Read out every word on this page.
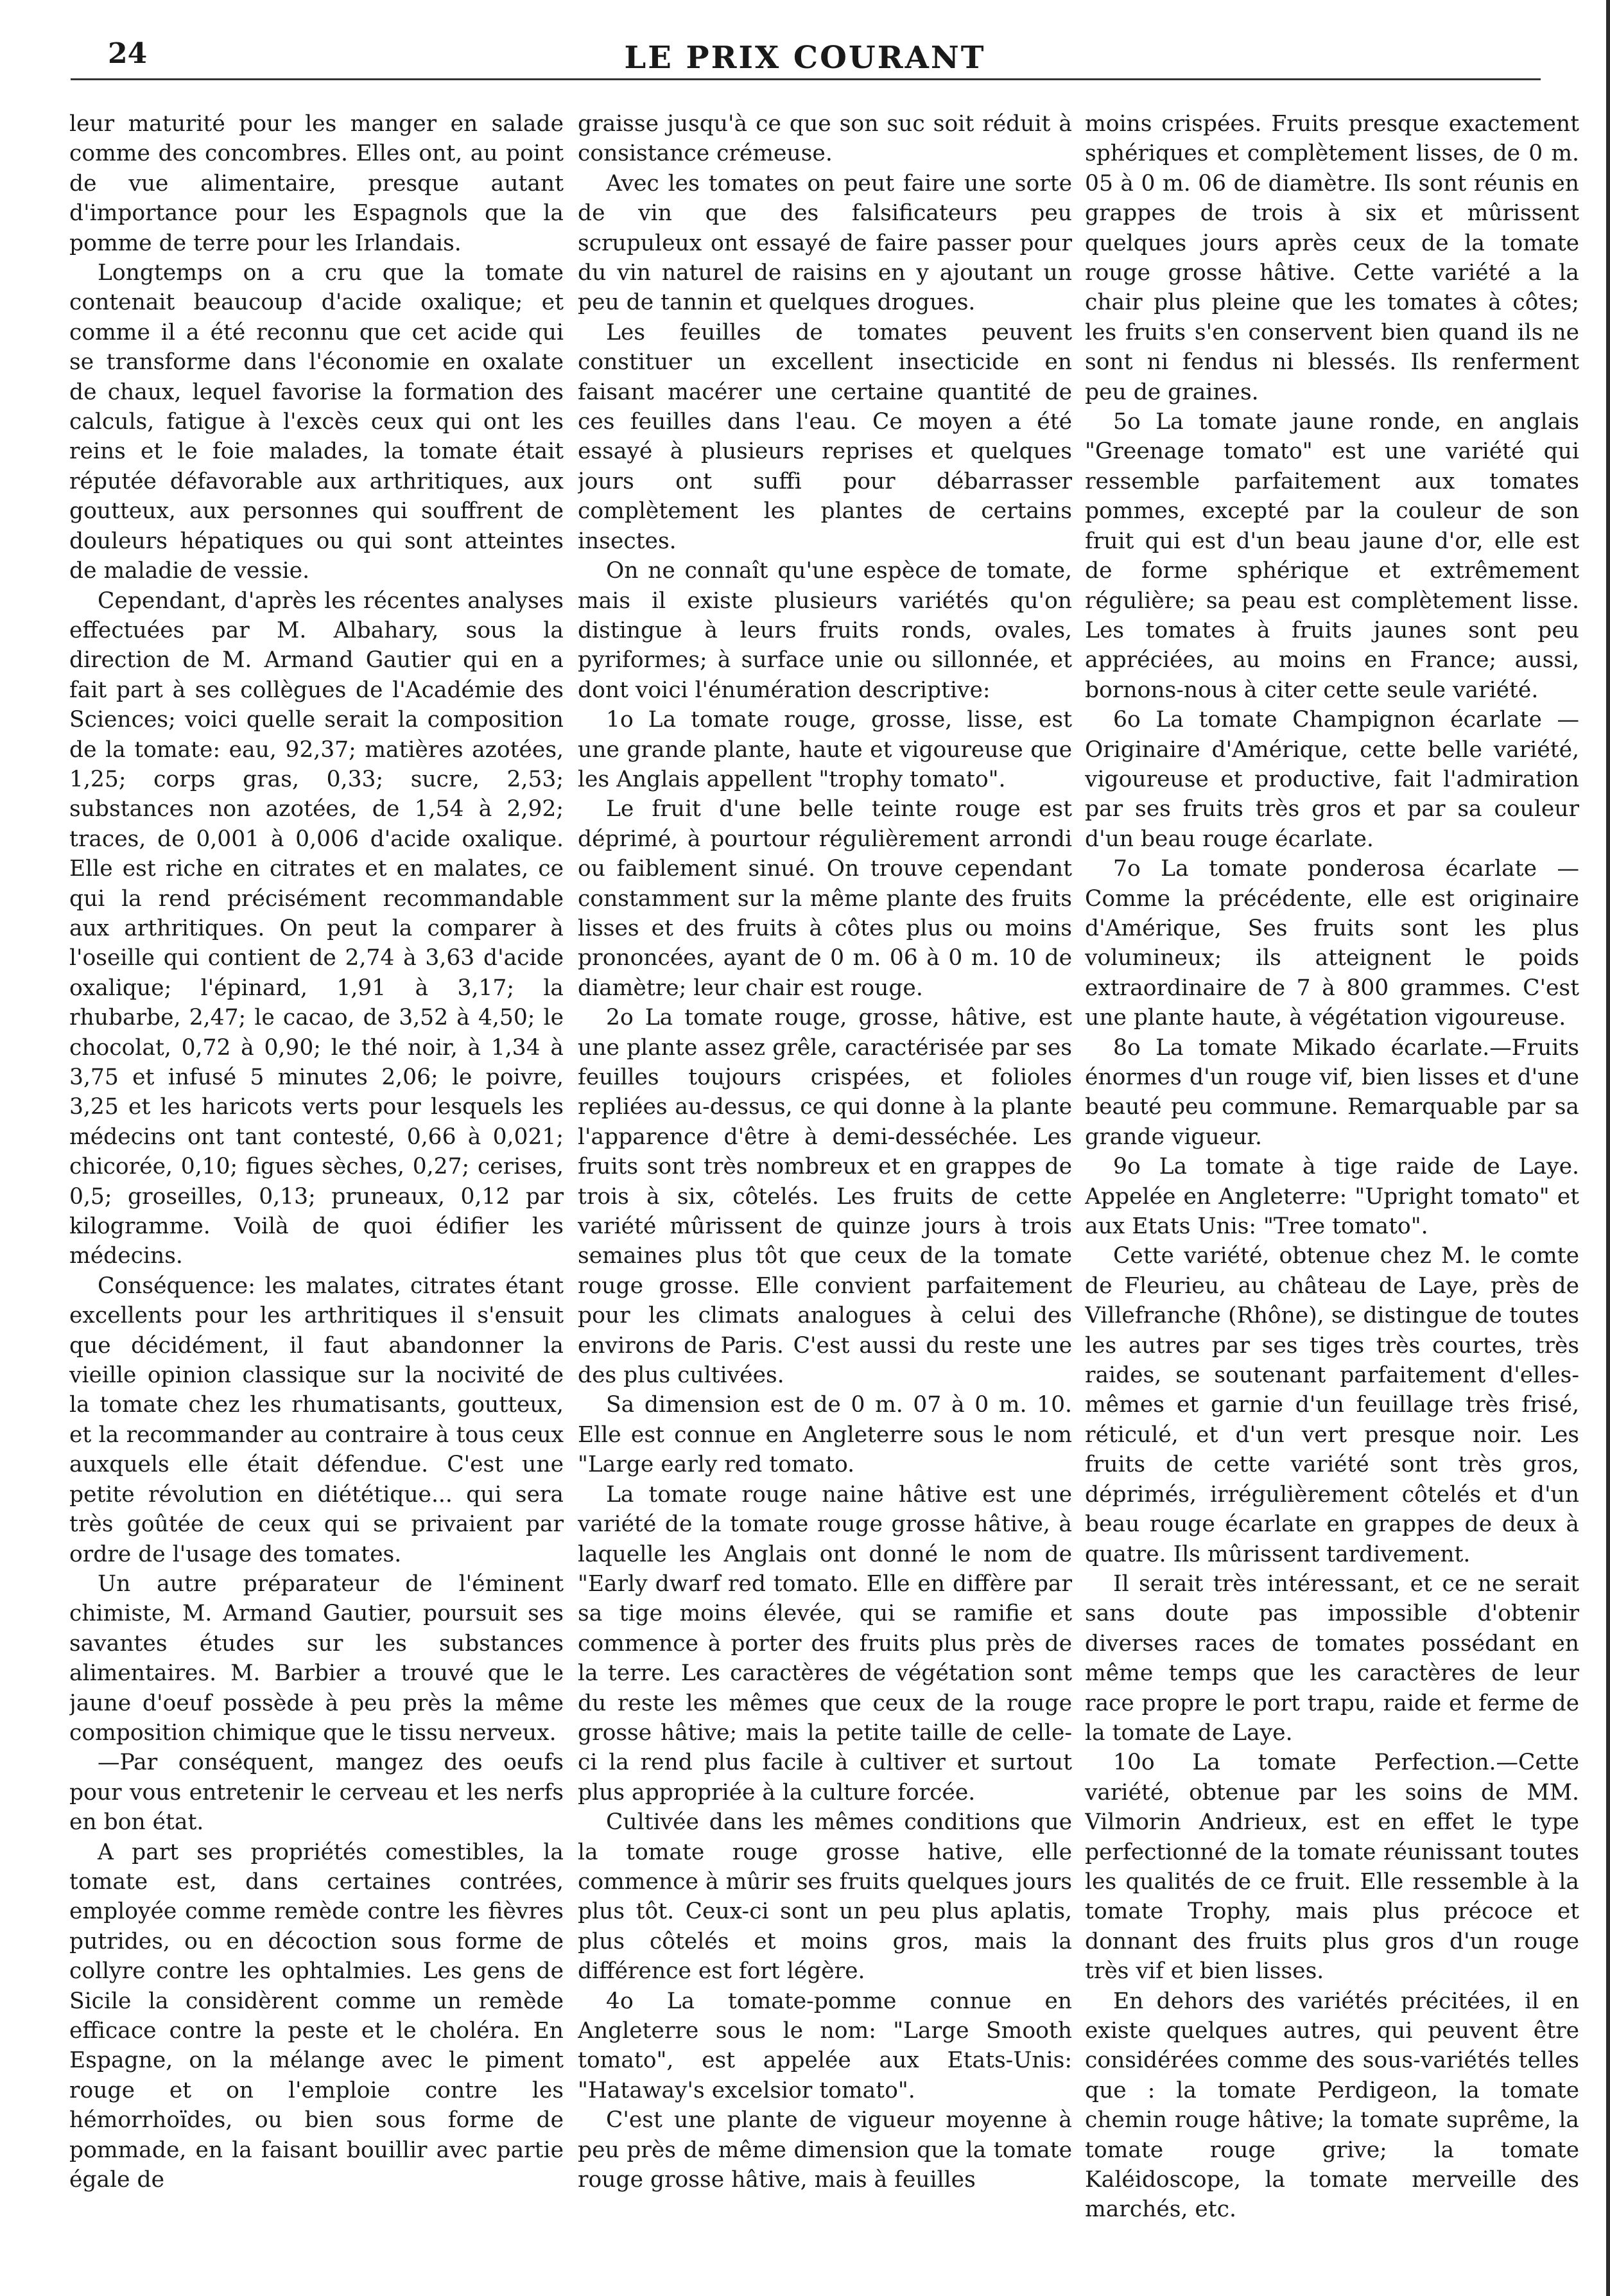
24	LE PRIX COURANT

leur maturité pour les manger en salade comme des concombres. Elles ont, au point de vue alimentaire, presque autant d'importance pour les Espagnols que la pomme de terre pour les Irlandais.

Longtemps on a cru que la tomate contenait beaucoup d'acide oxalique; et comme il a été reconnu que cet acide qui se transforme dans l'économie en oxalate de chaux, lequel favorise la formation des calculs, fatigue à l'excès ceux qui ont les reins et le foie malades, la tomate était réputée défavorable aux arthritiques, aux goutteux, aux personnes qui souffrent de douleurs hépatiques ou qui sont atteintes de maladie de vessie.

Cependant, d'après les récentes analyses effectuées par M. Albahary, sous la direction de M. Armand Gautier qui en a fait part à ses collègues de l'Académie des Sciences; voici quelle serait la composition de la tomate: eau, 92,37; matières azotées, 1,25; corps gras, 0,33; sucre, 2,53; substances non azotées, de 1,54 à 2,92; traces, de 0,001 à 0,006 d'acide oxalique. Elle est riche en citrates et en malates, ce qui la rend précisément recommandable aux arthritiques. On peut la comparer à l'oseille qui contient de 2,74 à 3,63 d'acide oxalique; l'épinard, 1,91 à 3,17; la rhubarbe, 2,47; le cacao, de 3,52 à 4,50; le chocolat, 0,72 à 0,90; le thé noir, à 1,34 à 3,75 et infusé 5 minutes 2,06; le poivre, 3,25 et les haricots verts pour lesquels les médecins ont tant contesté, 0,66 à 0,021; chicorée, 0,10; figues sèches, 0,27; cerises, 0,5; groseilles, 0,13; pruneaux, 0,12 par kilogramme. Voilà de quoi édifier les médecins.

Conséquence: les malates, citrates étant excellents pour les arthritiques il s'ensuit que décidément, il faut abandonner la vieille opinion classique sur la nocivité de la tomate chez les rhumatisants, goutteux, et la recommander au contraire à tous ceux auxquels elle était défendue. C'est une petite révolution en diététique... qui sera très goûtée de ceux qui se privaient par ordre de l'usage des tomates.

Un autre préparateur de l'éminent chimiste, M. Armand Gautier, poursuit ses savantes études sur les substances alimentaires. M. Barbier a trouvé que le jaune d'oeuf possède à peu près la même composition chimique que le tissu nerveux.

—Par conséquent, mangez des oeufs pour vous entretenir le cerveau et les nerfs en bon état.

A part ses propriétés comestibles, la tomate est, dans certaines contrées, employée comme remède contre les fièvres putrides, ou en décoction sous forme de collyre contre les ophtalmies. Les gens de Sicile la considèrent comme un remède efficace contre la peste et le choléra. En Espagne, on la mélange avec le piment rouge et on l'emploie contre les hémorrhoïdes, ou bien sous forme de pommade, en la faisant bouillir avec partie égale de

graisse jusqu'à ce que son suc soit réduit à consistance crémeuse.

Avec les tomates on peut faire une sorte de vin que des falsificateurs peu scrupuleux ont essayé de faire passer pour du vin naturel de raisins en y ajoutant un peu de tannin et quelques drogues.

Les feuilles de tomates peuvent constituer un excellent insecticide en faisant macérer une certaine quantité de ces feuilles dans l'eau. Ce moyen a été essayé à plusieurs reprises et quelques jours ont suffi pour débarrasser complètement les plantes de certains insectes.

On ne connaît qu'une espèce de tomate, mais il existe plusieurs variétés qu'on distingue à leurs fruits ronds, ovales, pyriformes; à surface unie ou sillonnée, et dont voici l'énumération descriptive:

1o La tomate rouge, grosse, lisse, est une grande plante, haute et vigoureuse que les Anglais appellent "trophy tomato".

Le fruit d'une belle teinte rouge est déprimé, à pourtour régulièrement arrondi ou faiblement sinué. On trouve cependant constamment sur la même plante des fruits lisses et des fruits à côtes plus ou moins prononcées, ayant de 0 m. 06 à 0 m. 10 de diamètre; leur chair est rouge.

2o La tomate rouge, grosse, hâtive, est une plante assez grêle, caractérisée par ses feuilles toujours crispées, et folioles repliées au-dessus, ce qui donne à la plante l'apparence d'être à demi-desséchée. Les fruits sont très nombreux et en grappes de trois à six, côtelés. Les fruits de cette variété mûrissent de quinze jours à trois semaines plus tôt que ceux de la tomate rouge grosse. Elle convient parfaitement pour les climats analogues à celui des environs de Paris. C'est aussi du reste une des plus cultivées.

Sa dimension est de 0 m. 07 à 0 m. 10. Elle est connue en Angleterre sous le nom "Large early red tomato.

La tomate rouge naine hâtive est une variété de la tomate rouge grosse hâtive, à laquelle les Anglais ont donné le nom de "Early dwarf red tomato. Elle en diffère par sa tige moins élevée, qui se ramifie et commence à porter des fruits plus près de la terre. Les caractères de végétation sont du reste les mêmes que ceux de la rouge grosse hâtive; mais la petite taille de celle-ci la rend plus facile à cultiver et surtout plus appropriée à la culture forcée.

Cultivée dans les mêmes conditions que la tomate rouge grosse hative, elle commence à mûrir ses fruits quelques jours plus tôt. Ceux-ci sont un peu plus aplatis, plus côtelés et moins gros, mais la différence est fort légère.

4o La tomate-pomme connue en Angleterre sous le nom: "Large Smooth tomato", est appelée aux Etats-Unis: "Hataway's excelsior tomato".

C'est une plante de vigueur moyenne à peu près de même dimension que la tomate rouge grosse hâtive, mais à feuilles

moins crispées. Fruits presque exactement sphériques et complètement lisses, de 0 m. 05 à 0 m. 06 de diamètre. Ils sont réunis en grappes de trois à six et mûrissent quelques jours après ceux de la tomate rouge grosse hâtive. Cette variété a la chair plus pleine que les tomates à côtes; les fruits s'en conservent bien quand ils ne sont ni fendus ni blessés. Ils renferment peu de graines.

5o La tomate jaune ronde, en anglais "Greenage tomato" est une variété qui ressemble parfaitement aux tomates pommes, excepté par la couleur de son fruit qui est d'un beau jaune d'or, elle est de forme sphérique et extrêmement régulière; sa peau est complètement lisse. Les tomates à fruits jaunes sont peu appréciées, au moins en France; aussi, bornons-nous à citer cette seule variété.

6o La tomate Champignon écarlate — Originaire d'Amérique, cette belle variété, vigoureuse et productive, fait l'admiration par ses fruits très gros et par sa couleur d'un beau rouge écarlate.

7o La tomate ponderosa écarlate — Comme la précédente, elle est originaire d'Amérique, Ses fruits sont les plus volumineux; ils atteignent le poids extraordinaire de 7 à 800 grammes. C'est une plante haute, à végétation vigoureuse.

8o La tomate Mikado écarlate.—Fruits énormes d'un rouge vif, bien lisses et d'une beauté peu commune. Remarquable par sa grande vigueur.

9o La tomate à tige raide de Laye. Appelée en Angleterre: "Upright tomato" et aux Etats Unis: "Tree tomato".

Cette variété, obtenue chez M. le comte de Fleurieu, au château de Laye, près de Villefranche (Rhône), se distingue de toutes les autres par ses tiges très courtes, très raides, se soutenant parfaitement d'elles-mêmes et garnie d'un feuillage très frisé, réticulé, et d'un vert presque noir. Les fruits de cette variété sont très gros, déprimés, irrégulièrement côtelés et d'un beau rouge écarlate en grappes de deux à quatre. Ils mûrissent tardivement.

Il serait très intéressant, et ce ne serait sans doute pas impossible d'obtenir diverses races de tomates possédant en même temps que les caractères de leur race propre le port trapu, raide et ferme de la tomate de Laye.

10o La tomate Perfection.—Cette variété, obtenue par les soins de MM. Vilmorin Andrieux, est en effet le type perfectionné de la tomate réunissant toutes les qualités de ce fruit. Elle ressemble à la tomate Trophy, mais plus précoce et donnant des fruits plus gros d'un rouge très vif et bien lisses.

En dehors des variétés précitées, il en existe quelques autres, qui peuvent être considérées comme des sous-variétés telles que : la tomate Perdigeon, la tomate chemin rouge hâtive; la tomate suprême, la tomate rouge grive; la tomate Kaléidoscope, la tomate merveille des marchés, etc.
